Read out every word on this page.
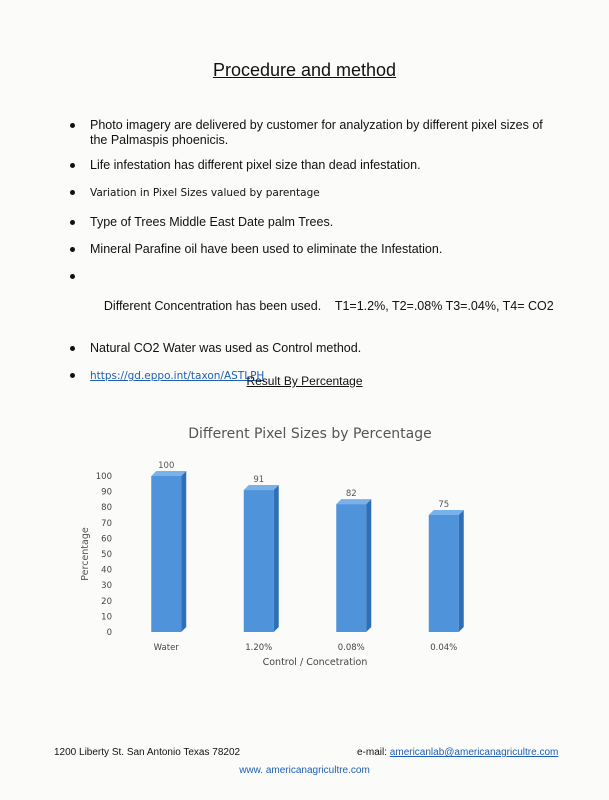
Procedure and method
Photo imagery are delivered by customer for analyzation by different pixel sizes of the Palmaspis phoenicis.
Life infestation has different pixel size than dead infestation.
Variation in Pixel Sizes valued by parentage
Type of Trees Middle East Date palm Trees.
Mineral Parafine oil have been used to eliminate the Infestation.

Different Concentration has been used.    T1=1.2%, T2=.08% T3=.04%, T4= CO2

Natural CO2 Water was used as Control method.
https://gd.eppo.int/taxon/ASTLPH
Result By Percentage
Different Pixel Sizes by Percentage
0
10
20
30
40
50
60
70
80
90
100
Percentage
100
Water
91
1.20%
82
0.08%
75
0.04%
Control / Concetration
1200 Liberty St. San Antonio Texas 78202	e-mail: americanlab@americanagricultre.com
www. americanagricultre.com
